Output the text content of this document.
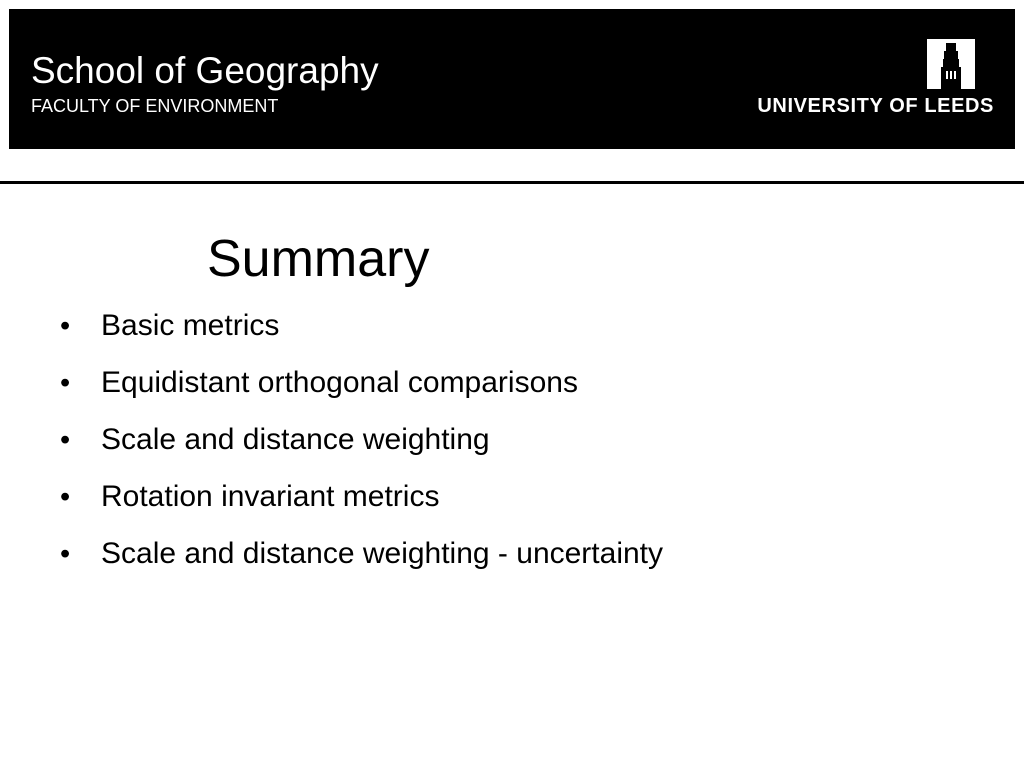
School of Geography
FACULTY OF ENVIRONMENT	UNIVERSITY OF LEEDS
Summary
• Basic metrics
• Equidistant orthogonal comparisons
• Scale and distance weighting
• Rotation invariant metrics
• Scale and distance weighting - uncertainty
